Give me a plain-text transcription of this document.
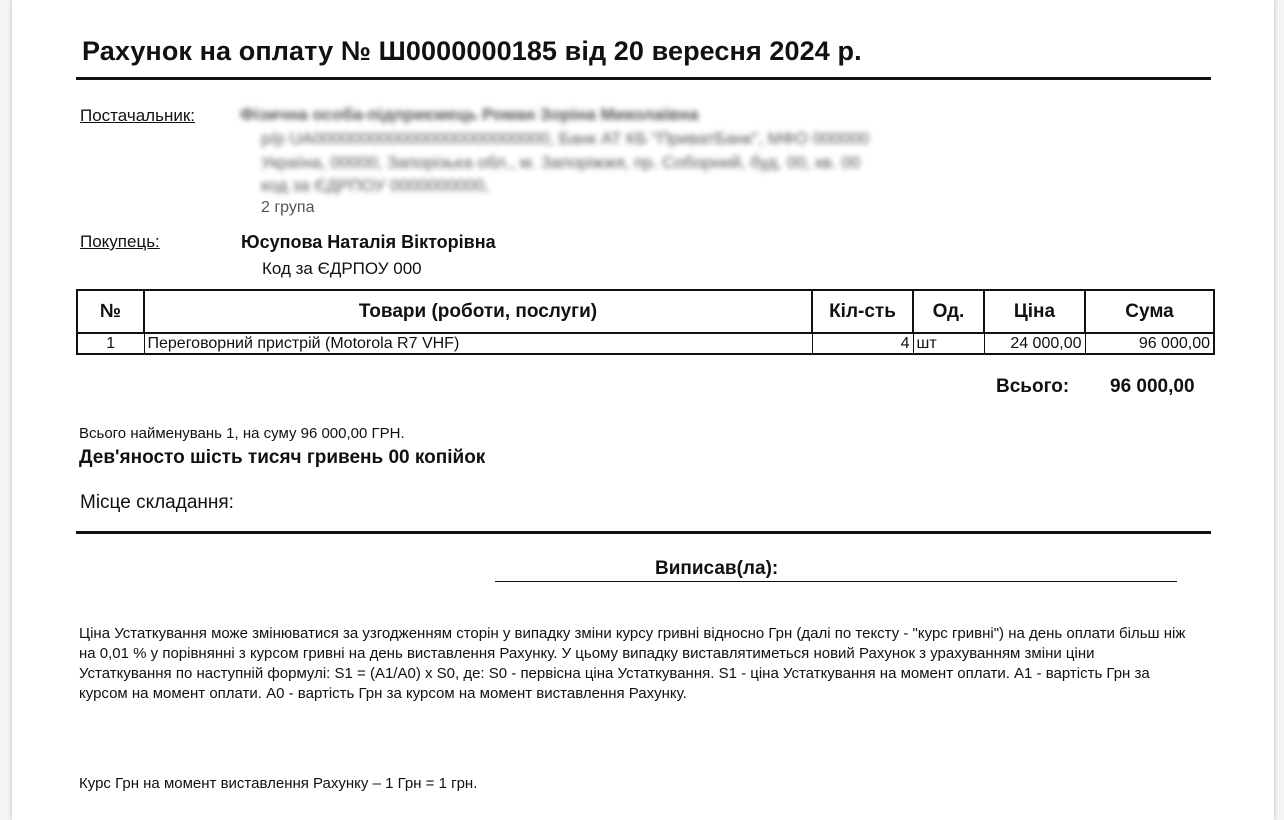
Рахунок на оплату № Ш0000000185 від 20 вересня 2024 р.
Постачальник:	Фізична особа-підприємець Роман Зоріна Миколаївна
р/р UA0000000000000000000000000, Банк АТ КБ "ПриватБанк", МФО 000000
Україна, 00000, Запорізька обл., м. Запоріжжя, пр. Соборний, буд. 00, кв. 00
код за ЄДРПОУ 0000000000,
2 група
Покупець:	Юсупова Наталія Вікторівна
Код за ЄДРПОУ 000
№	Товари (роботи, послуги)	Кіл-сть	Од.	Ціна	Сума
1	Переговорний пристрій (Motorola R7 VHF)	4	шт	24 000,00	96 000,00
Всього: 96 000,00
Всього найменувань 1, на суму 96 000,00 ГРН.
Дев'яносто шість тисяч гривень 00 копійок
Місце складання:
Виписав(ла):
Ціна Устаткування може змінюватися за узгодженням сторін у випадку зміни курсу гривні відносно Грн (далі по тексту - "курс гривні") на день оплати більш ніж на 0,01 % у порівнянні з курсом гривні на день виставлення Рахунку. У цьому випадку виставлятиметься новий Рахунок з урахуванням зміни ціни Устаткування по наступній формулі: S1 = (А1/А0) х S0, де: S0 - первісна ціна Устаткування. S1 - ціна Устаткування на момент оплати. А1 - вартість Грн за курсом на момент оплати. А0 - вартість Грн за курсом на момент виставлення Рахунку.
Курс Грн на момент виставлення Рахунку – 1 Грн = 1 грн.
